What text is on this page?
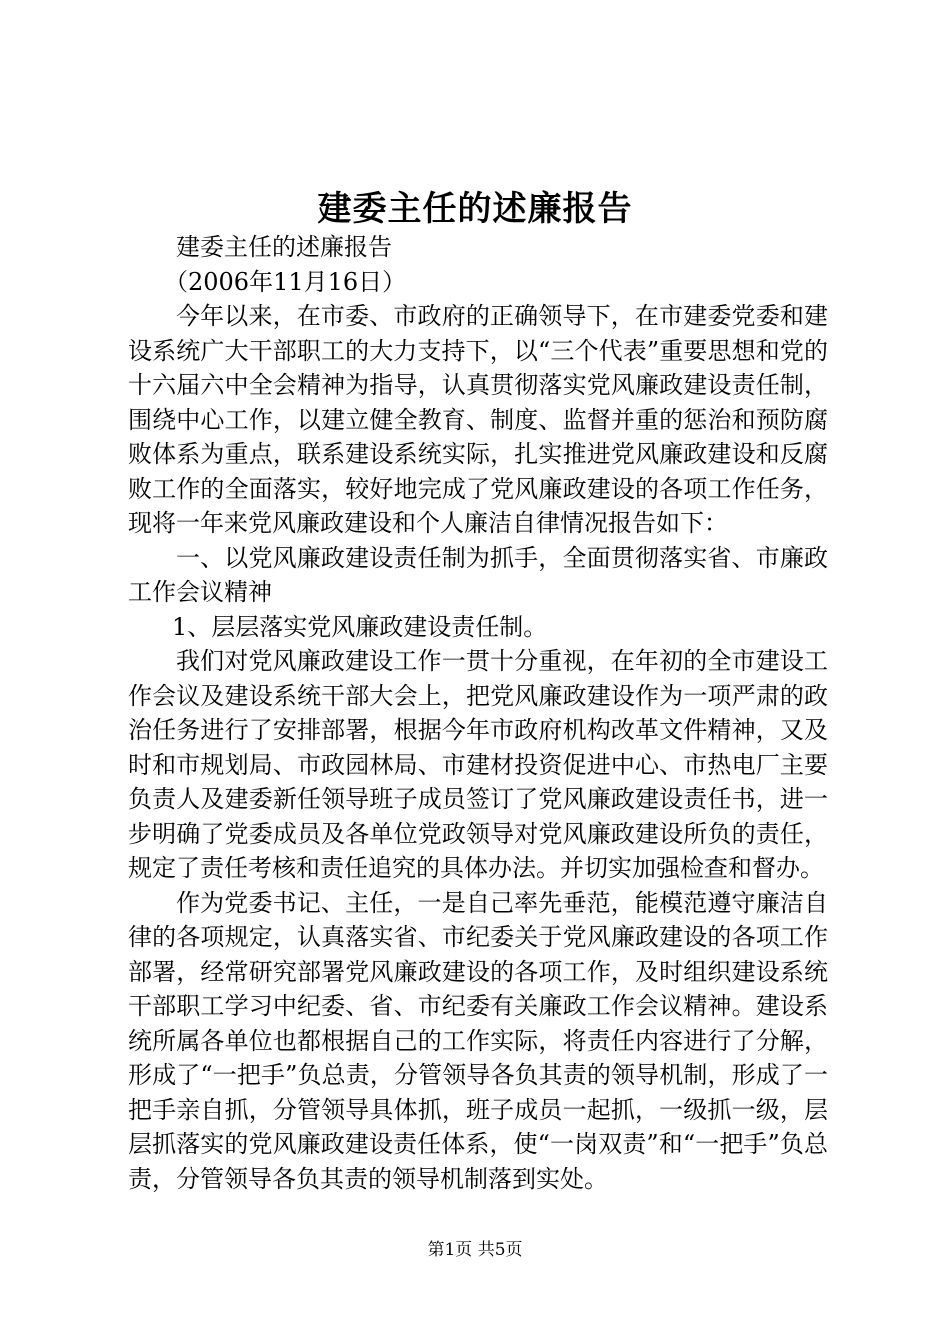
建委主任的述廉报告

建委主任的述廉报告

（2006年11月16日）

今年以来，在市委、市政府的正确领导下，在市建委党委和建设系统广大干部职工的大力支持下，以“三个代表”重要思想和党的十六届六中全会精神为指导，认真贯彻落实党风廉政建设责任制，围绕中心工作，以建立健全教育、制度、监督并重的惩治和预防腐败体系为重点，联系建设系统实际，扎实推进党风廉政建设和反腐败工作的全面落实，较好地完成了党风廉政建设的各项工作任务，现将一年来党风廉政建设和个人廉洁自律情况报告如下：

一、以党风廉政建设责任制为抓手，全面贯彻落实省、市廉政工作会议精神

1、层层落实党风廉政建设责任制。

我们对党风廉政建设工作一贯十分重视，在年初的全市建设工作会议及建设系统干部大会上，把党风廉政建设作为一项严肃的政治任务进行了安排部署，根据今年市政府机构改革文件精神，又及时和市规划局、市政园林局、市建材投资促进中心、市热电厂主要负责人及建委新任领导班子成员签订了党风廉政建设责任书，进一步明确了党委成员及各单位党政领导对党风廉政建设所负的责任，规定了责任考核和责任追究的具体办法。并切实加强检查和督办。

作为党委书记、主任，一是自己率先垂范，能模范遵守廉洁自律的各项规定，认真落实省、市纪委关于党风廉政建设的各项工作部署，经常研究部署党风廉政建设的各项工作，及时组织建设系统干部职工学习中纪委、省、市纪委有关廉政工作会议精神。建设系统所属各单位也都根据自己的工作实际，将责任内容进行了分解，形成了“一把手”负总责，分管领导各负其责的领导机制，形成了一把手亲自抓，分管领导具体抓，班子成员一起抓，一级抓一级，层层抓落实的党风廉政建设责任体系，使“一岗双责”和“一把手”负总责，分管领导各负其责的领导机制落到实处。

第1页 共5页
